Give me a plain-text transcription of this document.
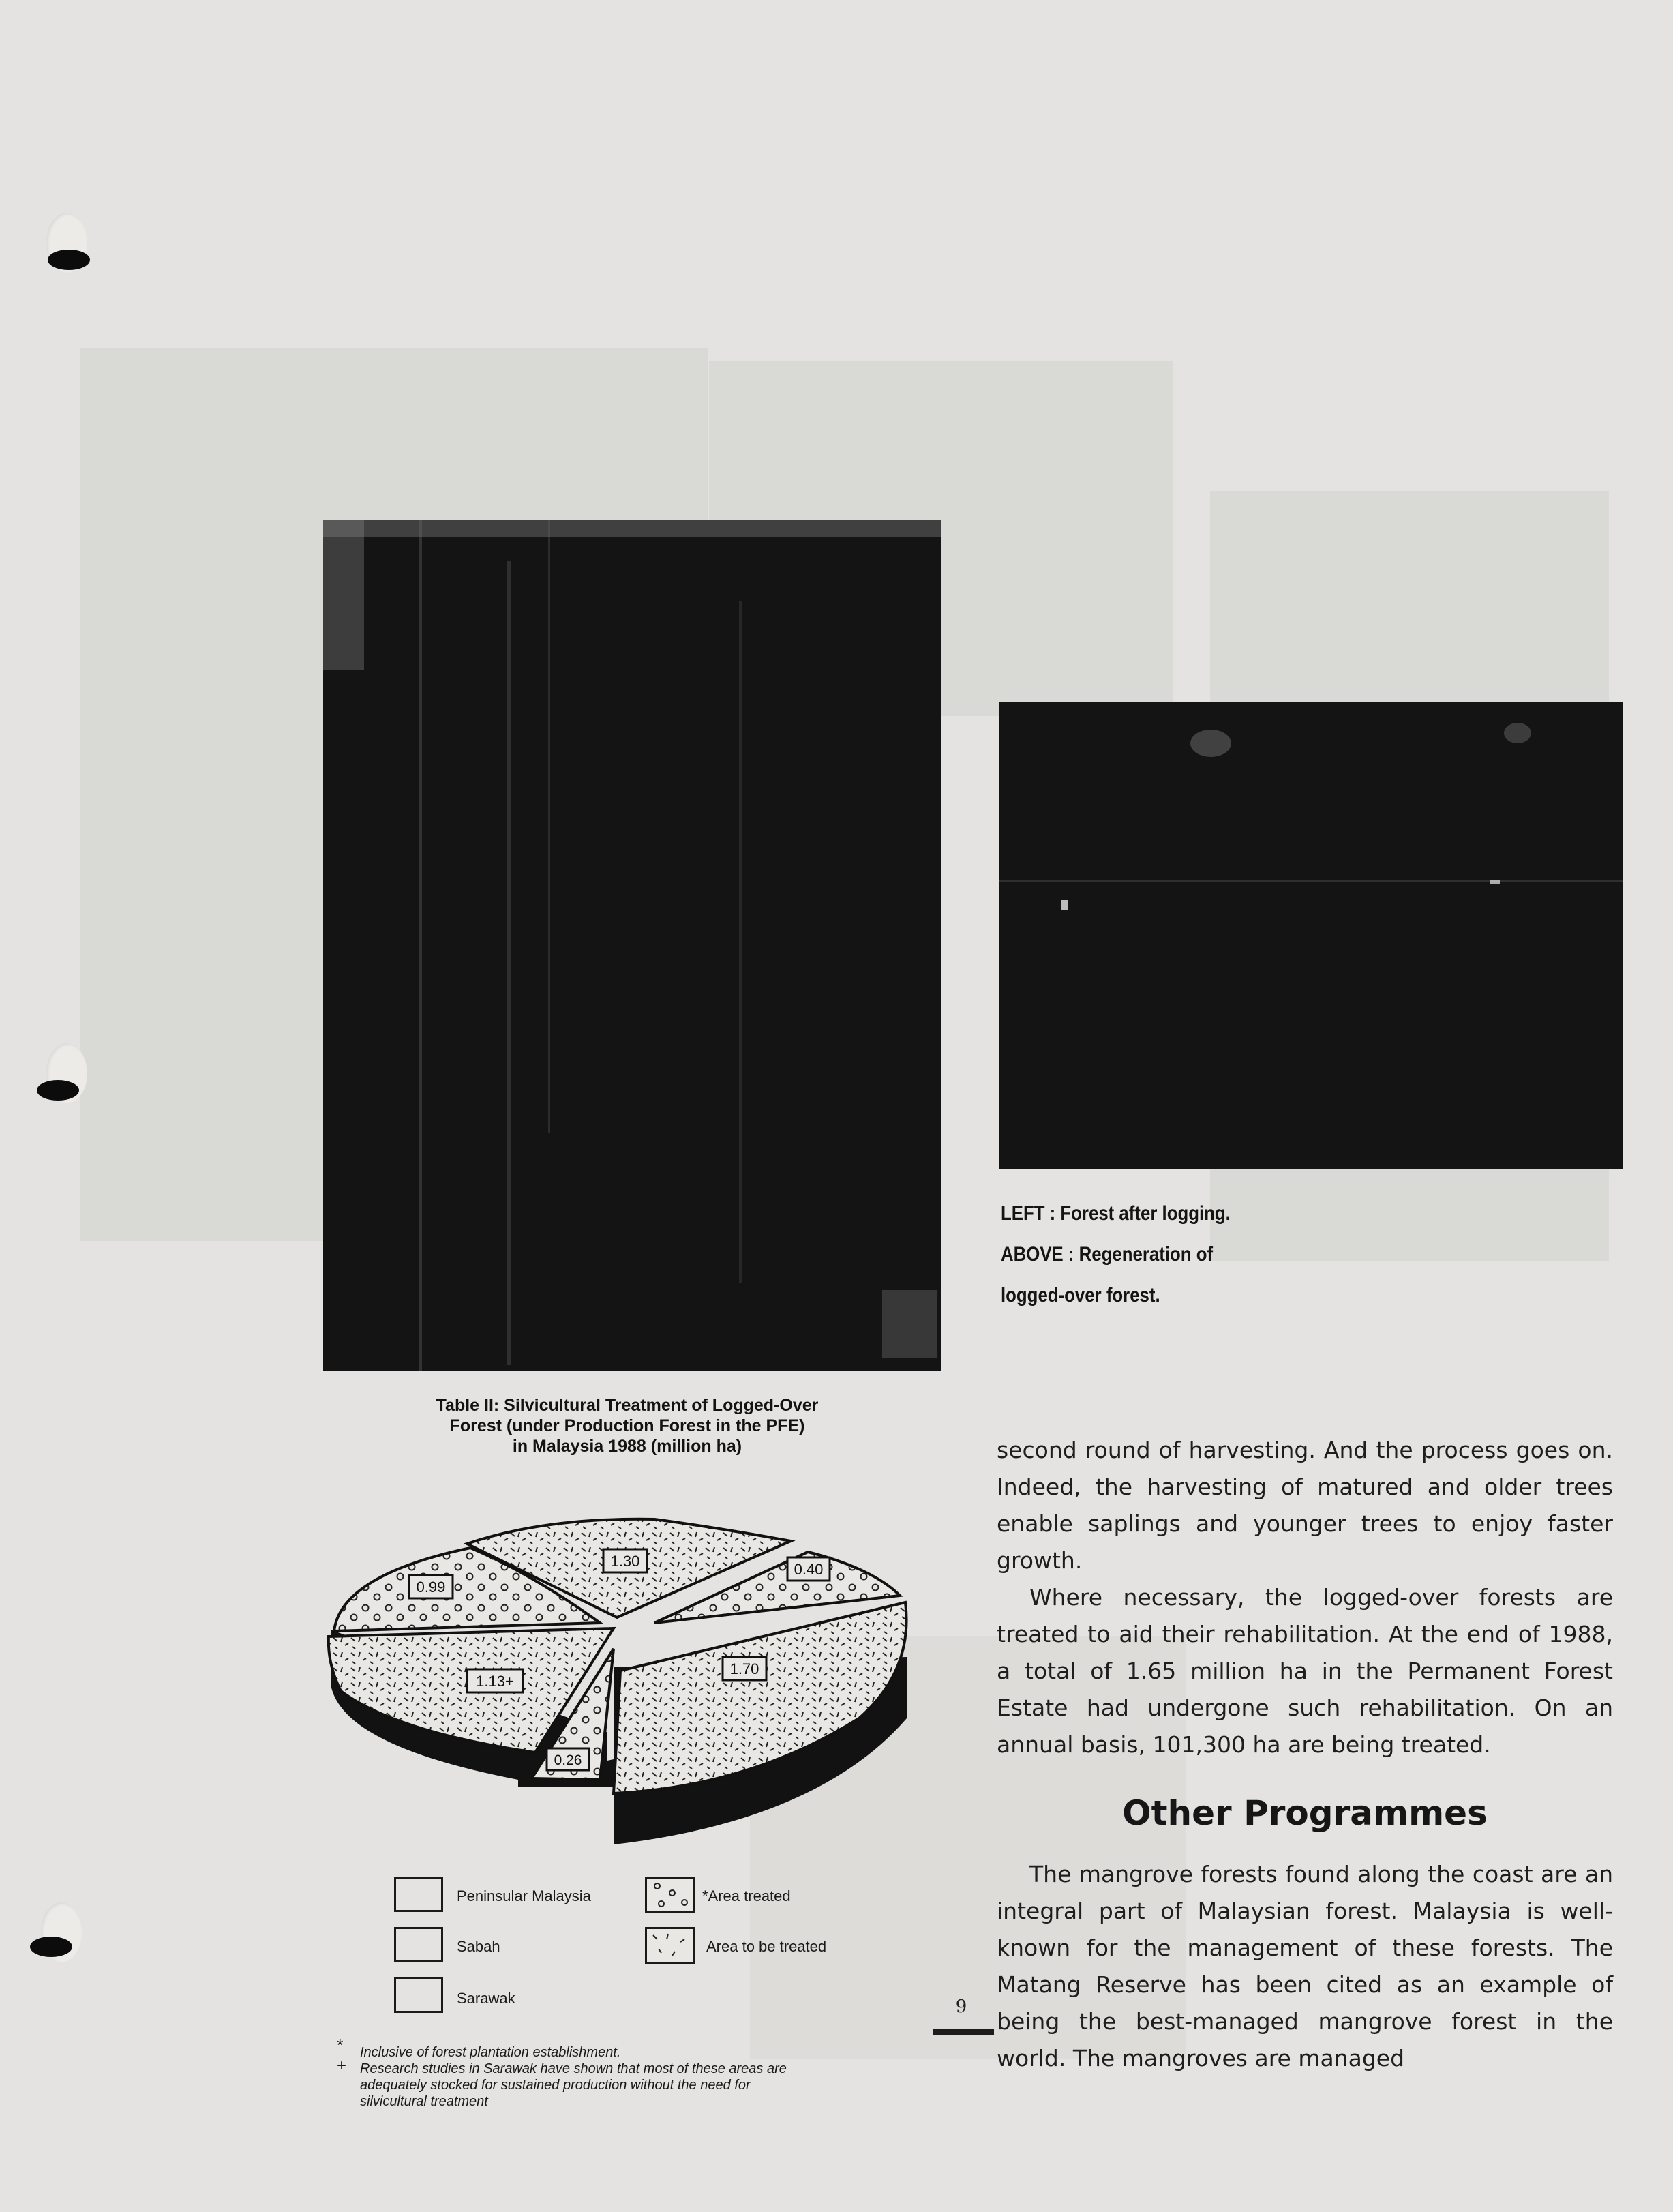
LEFT : Forest after logging.
ABOVE : Regeneration of
logged-over forest.
Table II: Silvicultural Treatment of Logged-Over
Forest (under Production Forest in the PFE)
in Malaysia 1988 (million ha)
0.99
1.30	0.40
1.70
1.13+
0.26
Peninsular Malaysia
Sabah
Sarawak
*Area treated
Area to be treated
* Inclusive of forest plantation establishment.
+ Research studies in Sarawak have shown that most of these areas are
adequately stocked for sustained production without the need for
silvicultural treatment

second round of harvesting. And the process goes on. Indeed, the harvesting of matured and older trees enable saplings and younger trees to enjoy faster growth.

Where necessary, the logged-over forests are treated to aid their rehabilitation. At the end of 1988, a total of 1.65 million ha in the Permanent Forest Estate had undergone such rehabilitation. On an annual basis, 101,300 ha are being treated.

Other Programmes
The mangrove forests found along the coast are an integral part of Malaysian forest. Malaysia is well-known for the management of these forests. The Matang Reserve has been cited as an example of being the best-managed mangrove forest in the world. The mangroves are managed
9
